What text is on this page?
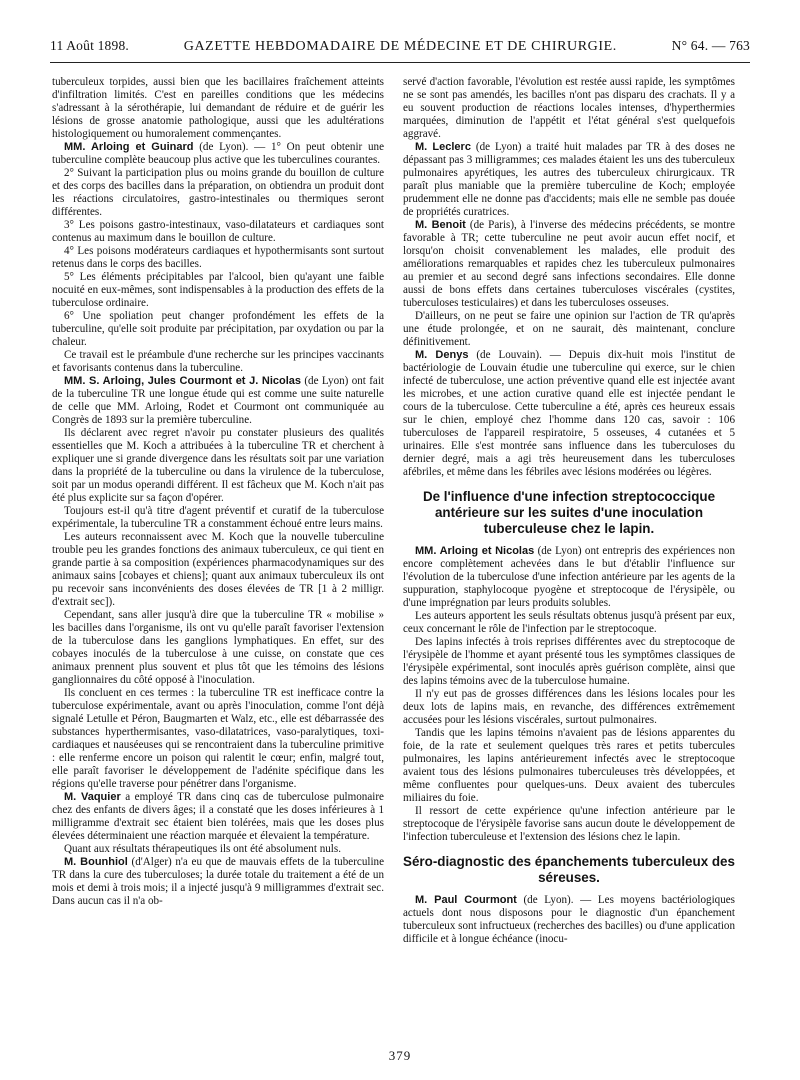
11 Août 1898.	GAZETTE HEBDOMADAIRE DE MÉDECINE ET DE CHIRURGIE.	N° 64. — 763

tuberculeux torpides, aussi bien que les bacillaires fraîchement atteints d'infiltration limités. C'est en pareilles conditions que les médecins s'adressant à la sérothérapie, lui demandant de réduire et de guérir les lésions de grosse anatomie pathologique, aussi que les adultérations histologiquement ou humoralement commençantes.

MM. Arloing et Guinard (de Lyon). — 1° On peut obtenir une tuberculine complète beaucoup plus active que les tuberculines courantes.

2° Suivant la participation plus ou moins grande du bouillon de culture et des corps des bacilles dans la préparation, on obtiendra un produit dont les réactions circulatoires, gastro-intestinales ou thermiques seront différentes.

3° Les poisons gastro-intestinaux, vaso-dilatateurs et cardiaques sont contenus au maximum dans le bouillon de culture.

4° Les poisons modérateurs cardiaques et hypothermisants sont surtout retenus dans le corps des bacilles.

5° Les éléments précipitables par l'alcool, bien qu'ayant une faible nocuité en eux-mêmes, sont indispensables à la production des effets de la tuberculose ordinaire.

6° Une spoliation peut changer profondément les effets de la tuberculine, qu'elle soit produite par précipitation, par oxydation ou par la chaleur.

Ce travail est le préambule d'une recherche sur les principes vaccinants et favorisants contenus dans la tuberculine.

MM. S. Arloing, Jules Courmont et J. Nicolas (de Lyon) ont fait de la tuberculine TR une longue étude qui est comme une suite naturelle de celle que MM. Arloing, Rodet et Courmont ont communiquée au Congrès de 1893 sur la première tuberculine.

Ils déclarent avec regret n'avoir pu constater plusieurs des qualités essentielles que M. Koch a attribuées à la tuberculine TR et cherchent à expliquer une si grande divergence dans les résultats soit par une variation dans la propriété de la tuberculine ou dans la virulence de la tuberculose, soit par un modus operandi différent. Il est fâcheux que M. Koch n'ait pas été plus explicite sur sa façon d'opérer.

Toujours est-il qu'à titre d'agent préventif et curatif de la tuberculose expérimentale, la tuberculine TR a constamment échoué entre leurs mains.

Les auteurs reconnaissent avec M. Koch que la nouvelle tuberculine trouble peu les grandes fonctions des animaux tuberculeux, ce qui tient en grande partie à sa composition (expériences pharmacodynamiques sur des animaux sains [cobayes et chiens]; quant aux animaux tuberculeux ils ont pu recevoir sans inconvénients des doses élevées de TR [1 à 2 milligr. d'extrait sec]).

Cependant, sans aller jusqu'à dire que la tuberculine TR « mobilise » les bacilles dans l'organisme, ils ont vu qu'elle paraît favoriser l'extension de la tuberculose dans les ganglions lymphatiques. En effet, sur des cobayes inoculés de la tuberculose à une cuisse, on constate que ces animaux prennent plus souvent et plus tôt que les témoins des lésions ganglionnaires du côté opposé à l'inoculation.

Ils concluent en ces termes : la tuberculine TR est inefficace contre la tuberculose expérimentale, avant ou après l'inoculation, comme l'ont déjà signalé Letulle et Péron, Baugmarten et Walz, etc., elle est débarrassée des substances hyperthermisantes, vaso-dilatatrices, vaso-paralytiques, toxi-cardiaques et nauséeuses qui se rencontraient dans la tuberculine primitive : elle renferme encore un poison qui ralentit le cœur; enfin, malgré tout, elle paraît favoriser le développement de l'adénite spécifique dans les régions qu'elle traverse pour pénétrer dans l'organisme.

M. Vaquier a employé TR dans cinq cas de tuberculose pulmonaire chez des enfants de divers âges; il a constaté que les doses inférieures à 1 milligramme d'extrait sec étaient bien tolérées, mais que les doses plus élevées déterminaient une réaction marquée et élevaient la température.

Quant aux résultats thérapeutiques ils ont été absolument nuls.

M. Bounhiol (d'Alger) n'a eu que de mauvais effets de la tuberculine TR dans la cure des tuberculoses; la durée totale du traitement a été de un mois et demi à trois mois; il a injecté jusqu'à 9 milligrammes d'extrait sec. Dans aucun cas il n'a ob-

servé d'action favorable, l'évolution est restée aussi rapide, les symptômes ne se sont pas amendés, les bacilles n'ont pas disparu des crachats. Il y a eu souvent production de réactions locales intenses, d'hyperthermies marquées, diminution de l'appétit et l'état général s'est quelquefois aggravé.

M. Leclerc (de Lyon) a traité huit malades par TR à des doses ne dépassant pas 3 milligrammes; ces malades étaient les uns des tuberculeux pulmonaires apyrétiques, les autres des tuberculeux chirurgicaux. TR paraît plus maniable que la première tuberculine de Koch; employée prudemment elle ne donne pas d'accidents; mais elle ne semble pas douée de propriétés curatrices.

M. Benoit (de Paris), à l'inverse des médecins précédents, se montre favorable à TR; cette tuberculine ne peut avoir aucun effet nocif, et lorsqu'on choisit convenablement les malades, elle produit des améliorations remarquables et rapides chez les tuberculeux pulmonaires au premier et au second degré sans infections secondaires. Elle donne aussi de bons effets dans certaines tuberculoses viscérales (cystites, tuberculoses testiculaires) et dans les tuberculoses osseuses.

D'ailleurs, on ne peut se faire une opinion sur l'action de TR qu'après une étude prolongée, et on ne saurait, dès maintenant, conclure définitivement.

M. Denys (de Louvain). — Depuis dix-huit mois l'institut de bactériologie de Louvain étudie une tuberculine qui exerce, sur le chien infecté de tuberculose, une action préventive quand elle est injectée avant les microbes, et une action curative quand elle est injectée pendant le cours de la tuberculose. Cette tuberculine a été, après ces heureux essais sur le chien, employé chez l'homme dans 120 cas, savoir : 106 tuberculoses de l'appareil respiratoire, 5 osseuses, 4 cutanées et 5 urinaires. Elle s'est montrée sans influence dans les tuberculoses du dernier degré, mais a agi très heureusement dans les tuberculoses afébriles, et même dans les fébriles avec lésions modérées ou légères.

De l'influence d'une infection streptococcique antérieure sur les suites d'une inoculation tuberculeuse chez le lapin.

MM. Arloing et Nicolas (de Lyon) ont entrepris des expériences non encore complètement achevées dans le but d'établir l'influence sur l'évolution de la tuberculose d'une infection antérieure par les agents de la suppuration, staphylocoque pyogène et streptocoque de l'érysipèle, ou d'une imprégnation par leurs produits solubles.

Les auteurs apportent les seuls résultats obtenus jusqu'à présent par eux, ceux concernant le rôle de l'infection par le streptocoque.

Des lapins infectés à trois reprises différentes avec du streptocoque de l'érysipèle de l'homme et ayant présenté tous les symptômes classiques de l'érysipèle expérimental, sont inoculés après guérison complète, ainsi que des lapins témoins avec de la tuberculose humaine.

Il n'y eut pas de grosses différences dans les lésions locales pour les deux lots de lapins mais, en revanche, des différences extrêmement accusées pour les lésions viscérales, surtout pulmonaires.

Tandis que les lapins témoins n'avaient pas de lésions apparentes du foie, de la rate et seulement quelques très rares et petits tubercules pulmonaires, les lapins antérieurement infectés avec le streptocoque avaient tous des lésions pulmonaires tuberculeuses très développées, et même confluentes pour quelques-uns. Deux avaient des tubercules miliaires du foie.

Il ressort de cette expérience qu'une infection antérieure par le streptocoque de l'érysipèle favorise sans aucun doute le développement de l'infection tuberculeuse et l'extension des lésions chez le lapin.

Séro-diagnostic des épanchements tuberculeux des séreuses.

M. Paul Courmont (de Lyon). — Les moyens bactériologiques actuels dont nous disposons pour le diagnostic d'un épanchement tuberculeux sont infructueux (recherches des bacilles) ou d'une application difficile et à longue échéance (inocu-

379
